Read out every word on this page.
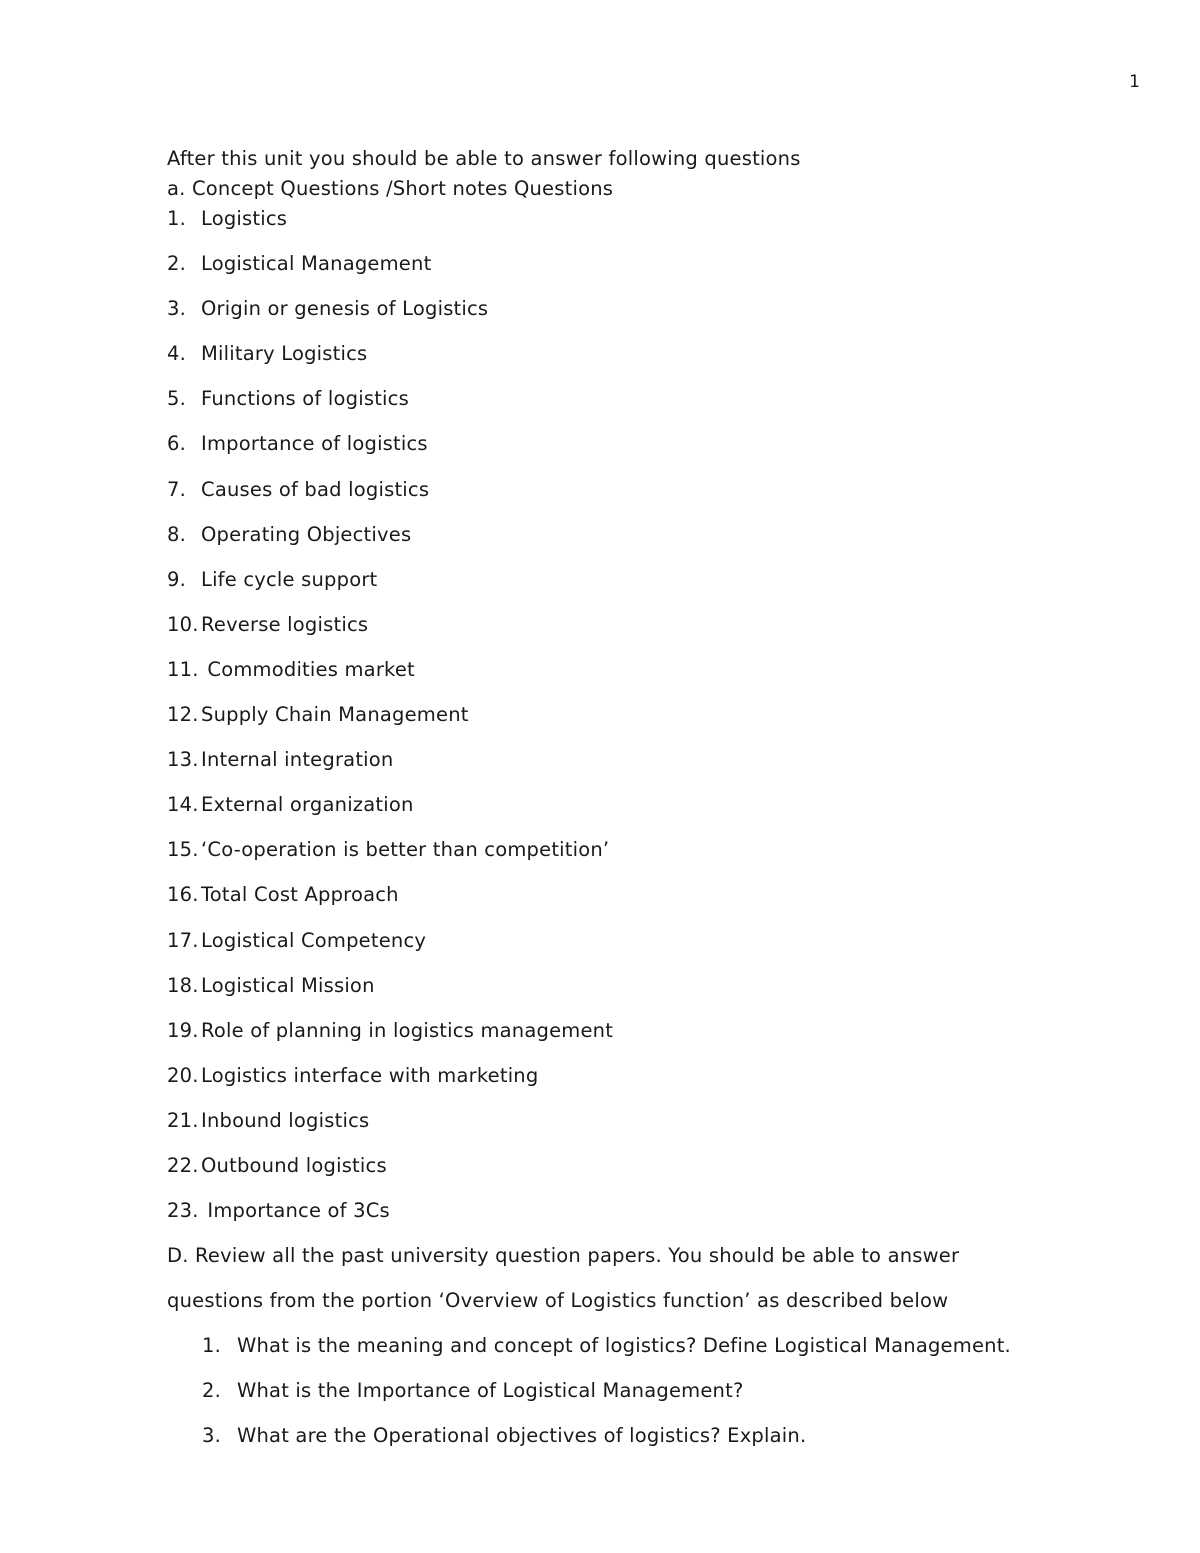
1
After this unit you should be able to answer following questions
a. Concept Questions /Short notes Questions
1. Logistics
2. Logistical Management
3. Origin or genesis of Logistics
4. Military Logistics
5. Functions of logistics
6. Importance of logistics
7. Causes of bad logistics
8. Operating Objectives
9. Life cycle support
10. Reverse logistics
11. Commodities market
12. Supply Chain Management
13. Internal integration
14. External organization
15. ‘Co-operation is better than competition’
16. Total Cost Approach
17. Logistical Competency
18. Logistical Mission
19. Role of planning in logistics management
20. Logistics interface with marketing
21. Inbound logistics
22. Outbound logistics
23. Importance of 3Cs
D. Review all the past university question papers. You should be able to answer
questions from the portion ‘Overview of Logistics function’ as described below
1. What is the meaning and concept of logistics? Define Logistical Management.
2. What is the Importance of Logistical Management?
3. What are the Operational objectives of logistics? Explain.
